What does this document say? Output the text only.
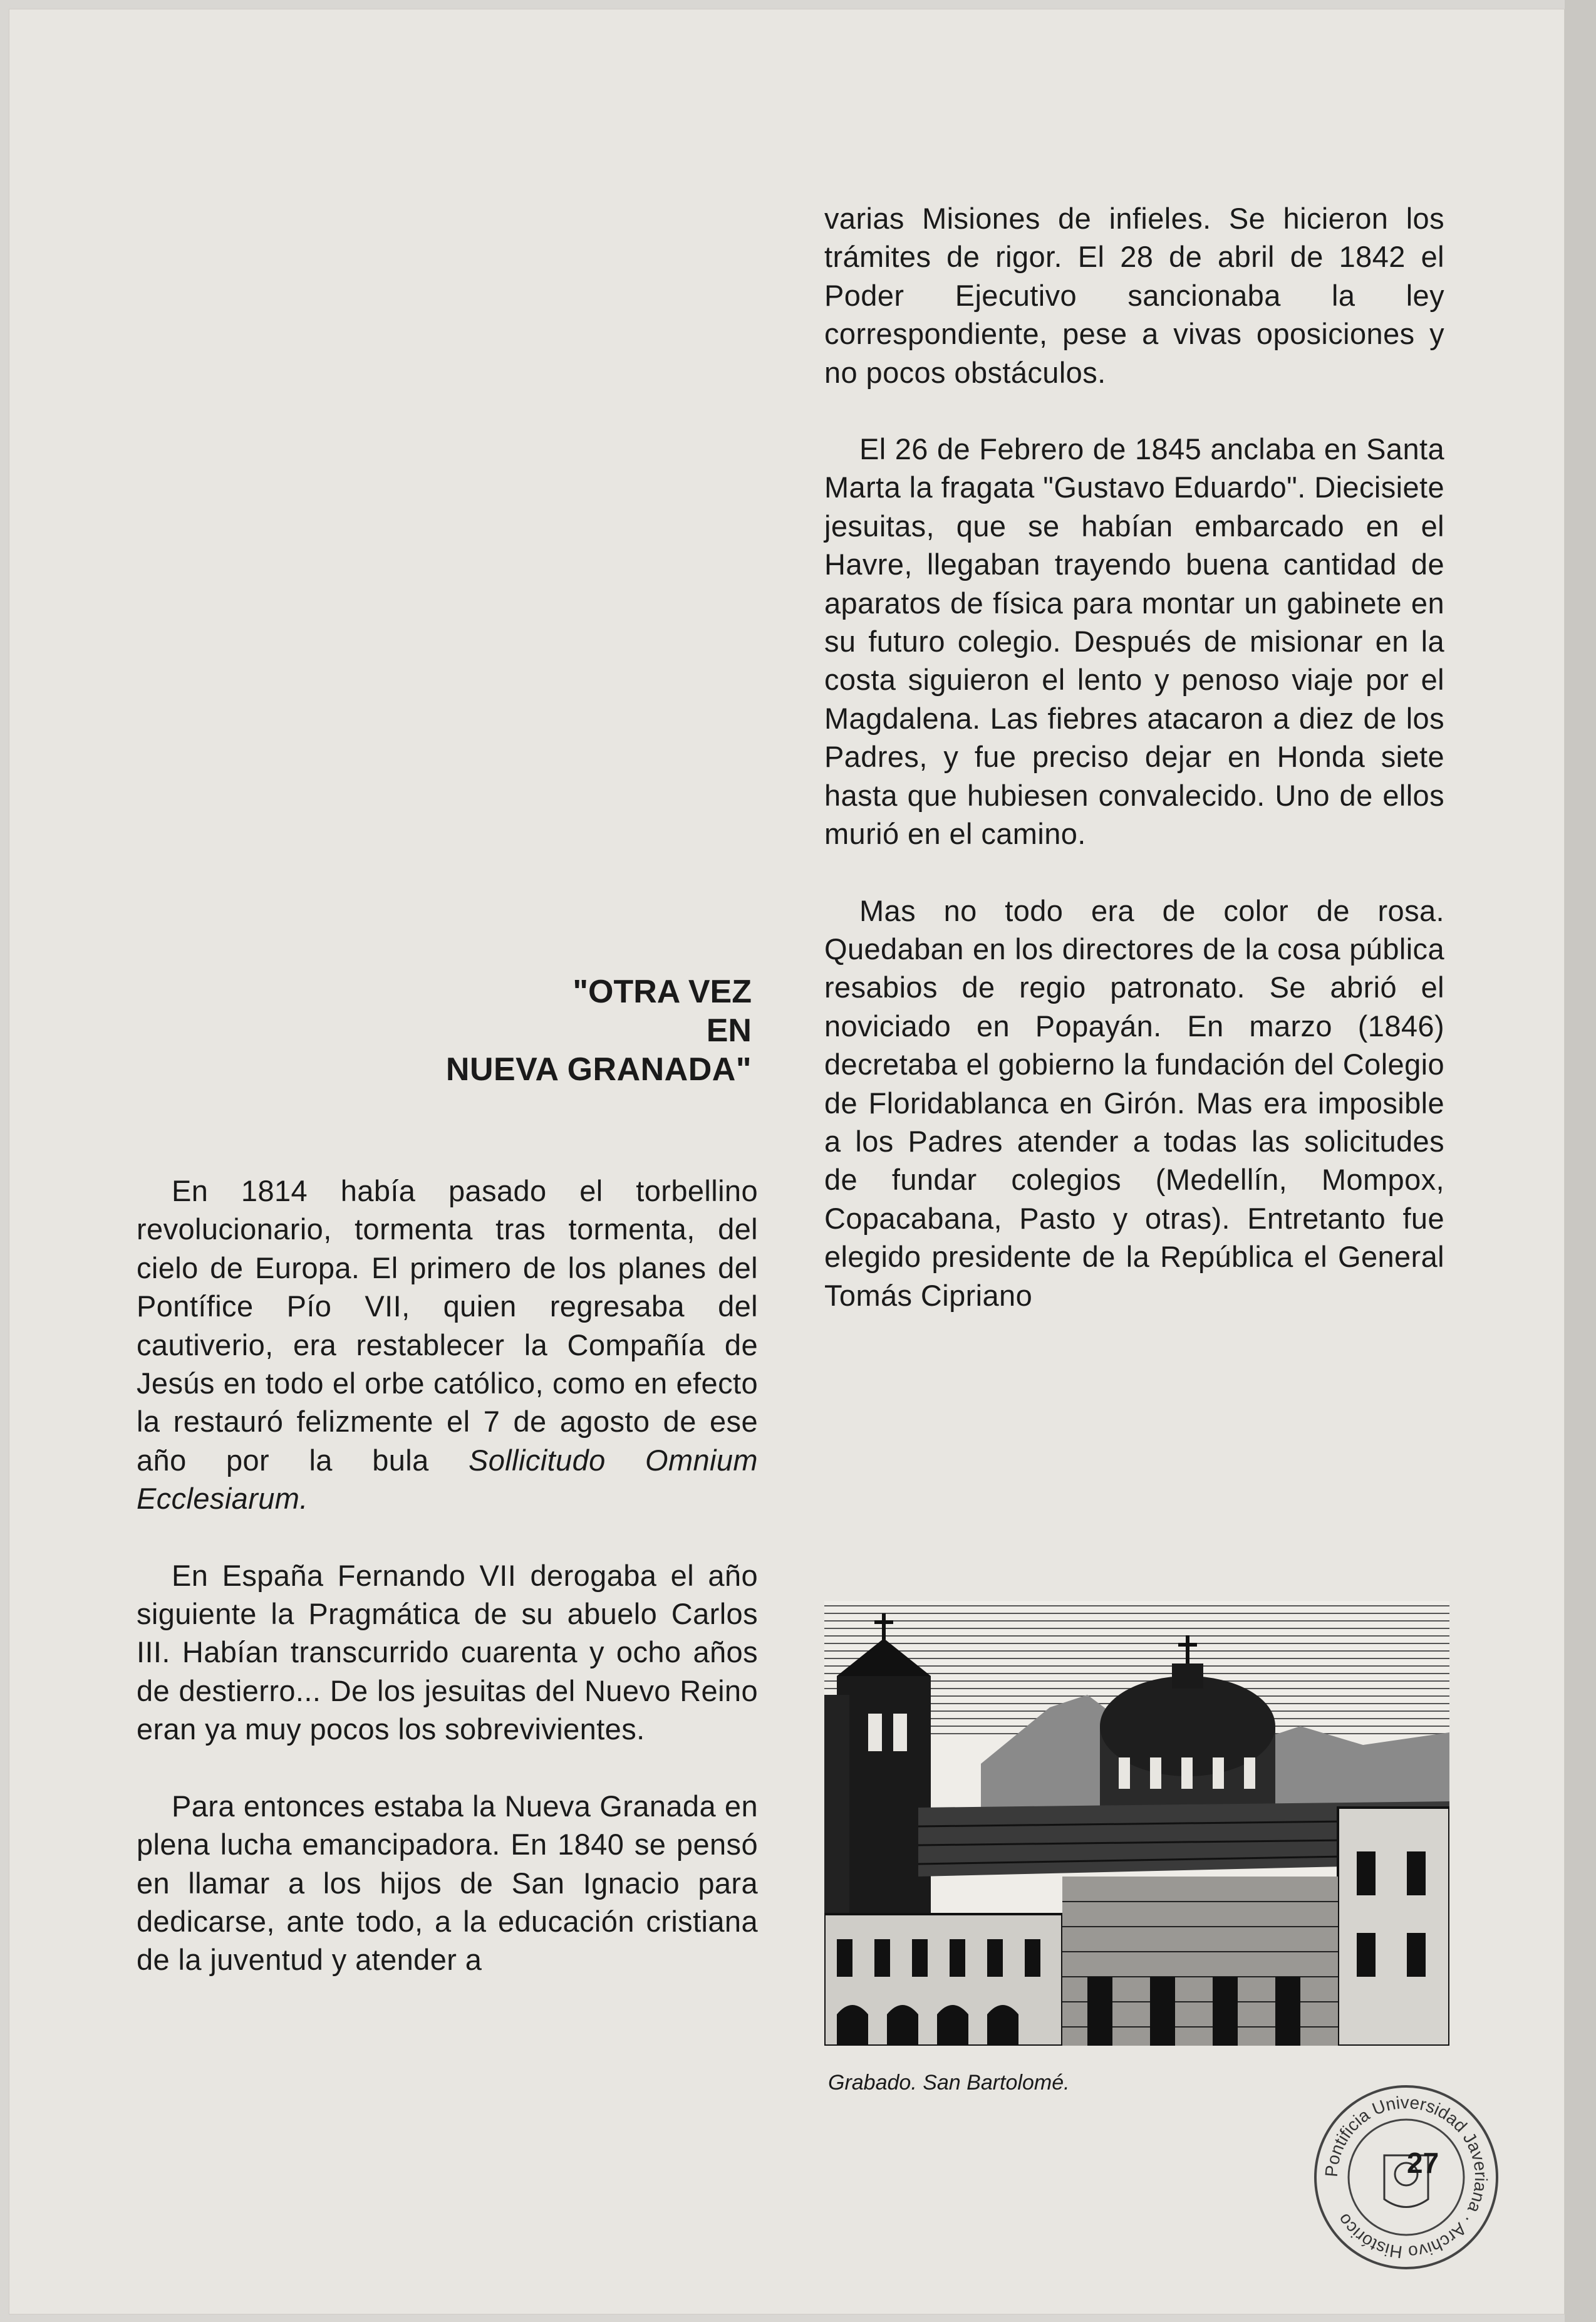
varias Misiones de infieles. Se hicieron los trámites de rigor. El 28 de abril de 1842 el Poder Ejecutivo sancionaba la ley correspondiente, pese a vivas oposiciones y no pocos obstáculos.

El 26 de Febrero de 1845 anclaba en Santa Marta la fragata "Gustavo Eduardo". Diecisiete jesuitas, que se habían embarcado en el Havre, llegaban trayendo buena cantidad de aparatos de física para montar un gabinete en su futuro colegio. Después de misionar en la costa siguieron el lento y penoso viaje por el Magdalena. Las fiebres atacaron a diez de los Padres, y fue preciso dejar en Honda siete hasta que hubiesen convalecido. Uno de ellos murió en el camino.

Mas no todo era de color de rosa. Quedaban en los directores de la cosa pública resabios de regio patronato. Se abrió el noviciado en Popayán. En marzo (1846) decretaba el gobierno la fundación del Colegio de Floridablanca en Girón. Mas era imposible a los Padres atender a todas las solicitudes de fundar colegios (Medellín, Mompox, Copacabana, Pasto y otras). Entretanto fue elegido presidente de la República el General Tomás Cipriano

"OTRA VEZ
EN
NUEVA GRANADA"

En 1814 había pasado el torbellino revolucionario, tormenta tras tormenta, del cielo de Europa. El primero de los planes del Pontífice Pío VII, quien regresaba del cautiverio, era restablecer la Compañía de Jesús en todo el orbe católico, como en efecto la restauró felizmente el 7 de agosto de ese año por la bula Sollicitudo Omnium Ecclesiarum.

En España Fernando VII derogaba el año siguiente la Pragmática de su abuelo Carlos III. Habían transcurrido cuarenta y ocho años de destierro... De los jesuitas del Nuevo Reino eran ya muy pocos los sobrevivientes.

Para entonces estaba la Nueva Granada en plena lucha emancipadora. En 1840 se pensó en llamar a los hijos de San Ignacio para dedicarse, ante todo, a la educación cristiana de la juventud y atender a

Grabado. San Bartolomé.

Pontificia Universidad Javeriana · Archivo Histórico

27
